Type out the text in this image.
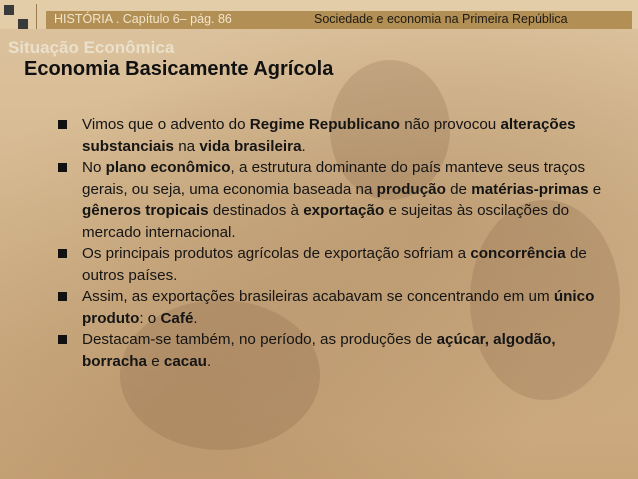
HISTÓRIA . Capítulo 6– pág. 86	Sociedade e economia na Primeira República
Situação Econômica
Economia Basicamente Agrícola
Vimos que o advento do Regime Republicano não provocou alterações substanciais na vida brasileira.
No plano econômico, a estrutura dominante do país manteve seus traços gerais, ou seja, uma economia baseada na produção de matérias-primas e gêneros tropicais destinados à exportação e sujeitas às oscilações do mercado internacional.
Os principais produtos agrícolas de exportação sofriam a concorrência de outros países.
Assim, as exportações brasileiras acabavam se concentrando em um único produto: o Café.
Destacam-se também, no período, as produções de açúcar, algodão, borracha e cacau.
